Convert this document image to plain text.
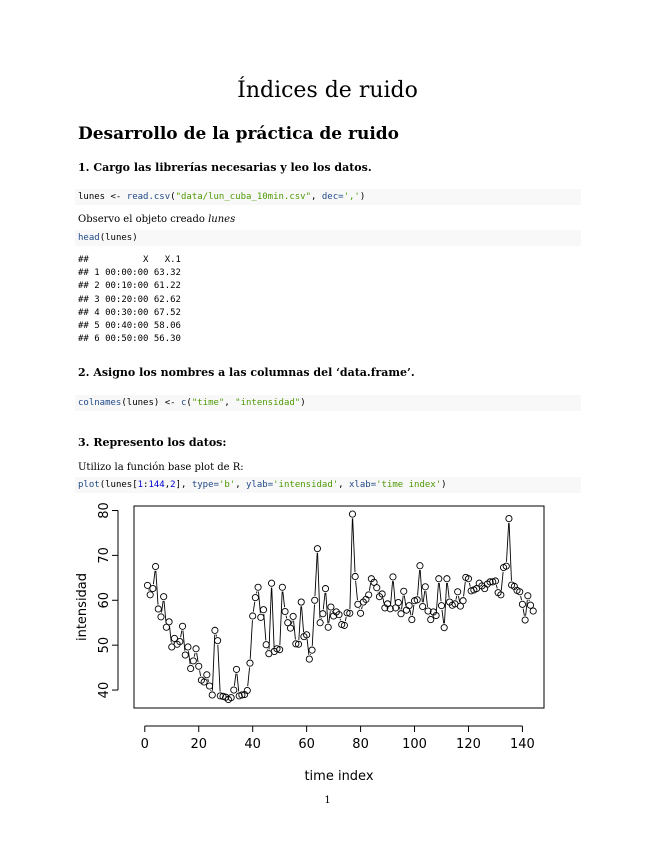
Índices de ruido
Desarrollo de la práctica de ruido
1. Cargo las librerías necesarias y leo los datos.
lunes <- read.csv("data/lun_cuba_10min.csv", dec=',')
Observo el objeto creado lunes
head(lunes)
##          X   X.1
## 1 00:00:00 63.32
## 2 00:10:00 61.22
## 3 00:20:00 62.62
## 4 00:30:00 67.52
## 5 00:40:00 58.06
## 6 00:50:00 56.30
2. Asigno los nombres a las columnas del ‘data.frame’.
colnames(lunes) <- c("time", "intensidad")
3. Represento los datos:
Utilizo la función base plot de R:
plot(lunes[1:144,2], type='b', ylab='intensidad', xlab='time index')
0	20	40	60	80	100 120 140
40
50
60
70
80
time index
intensidad
1
